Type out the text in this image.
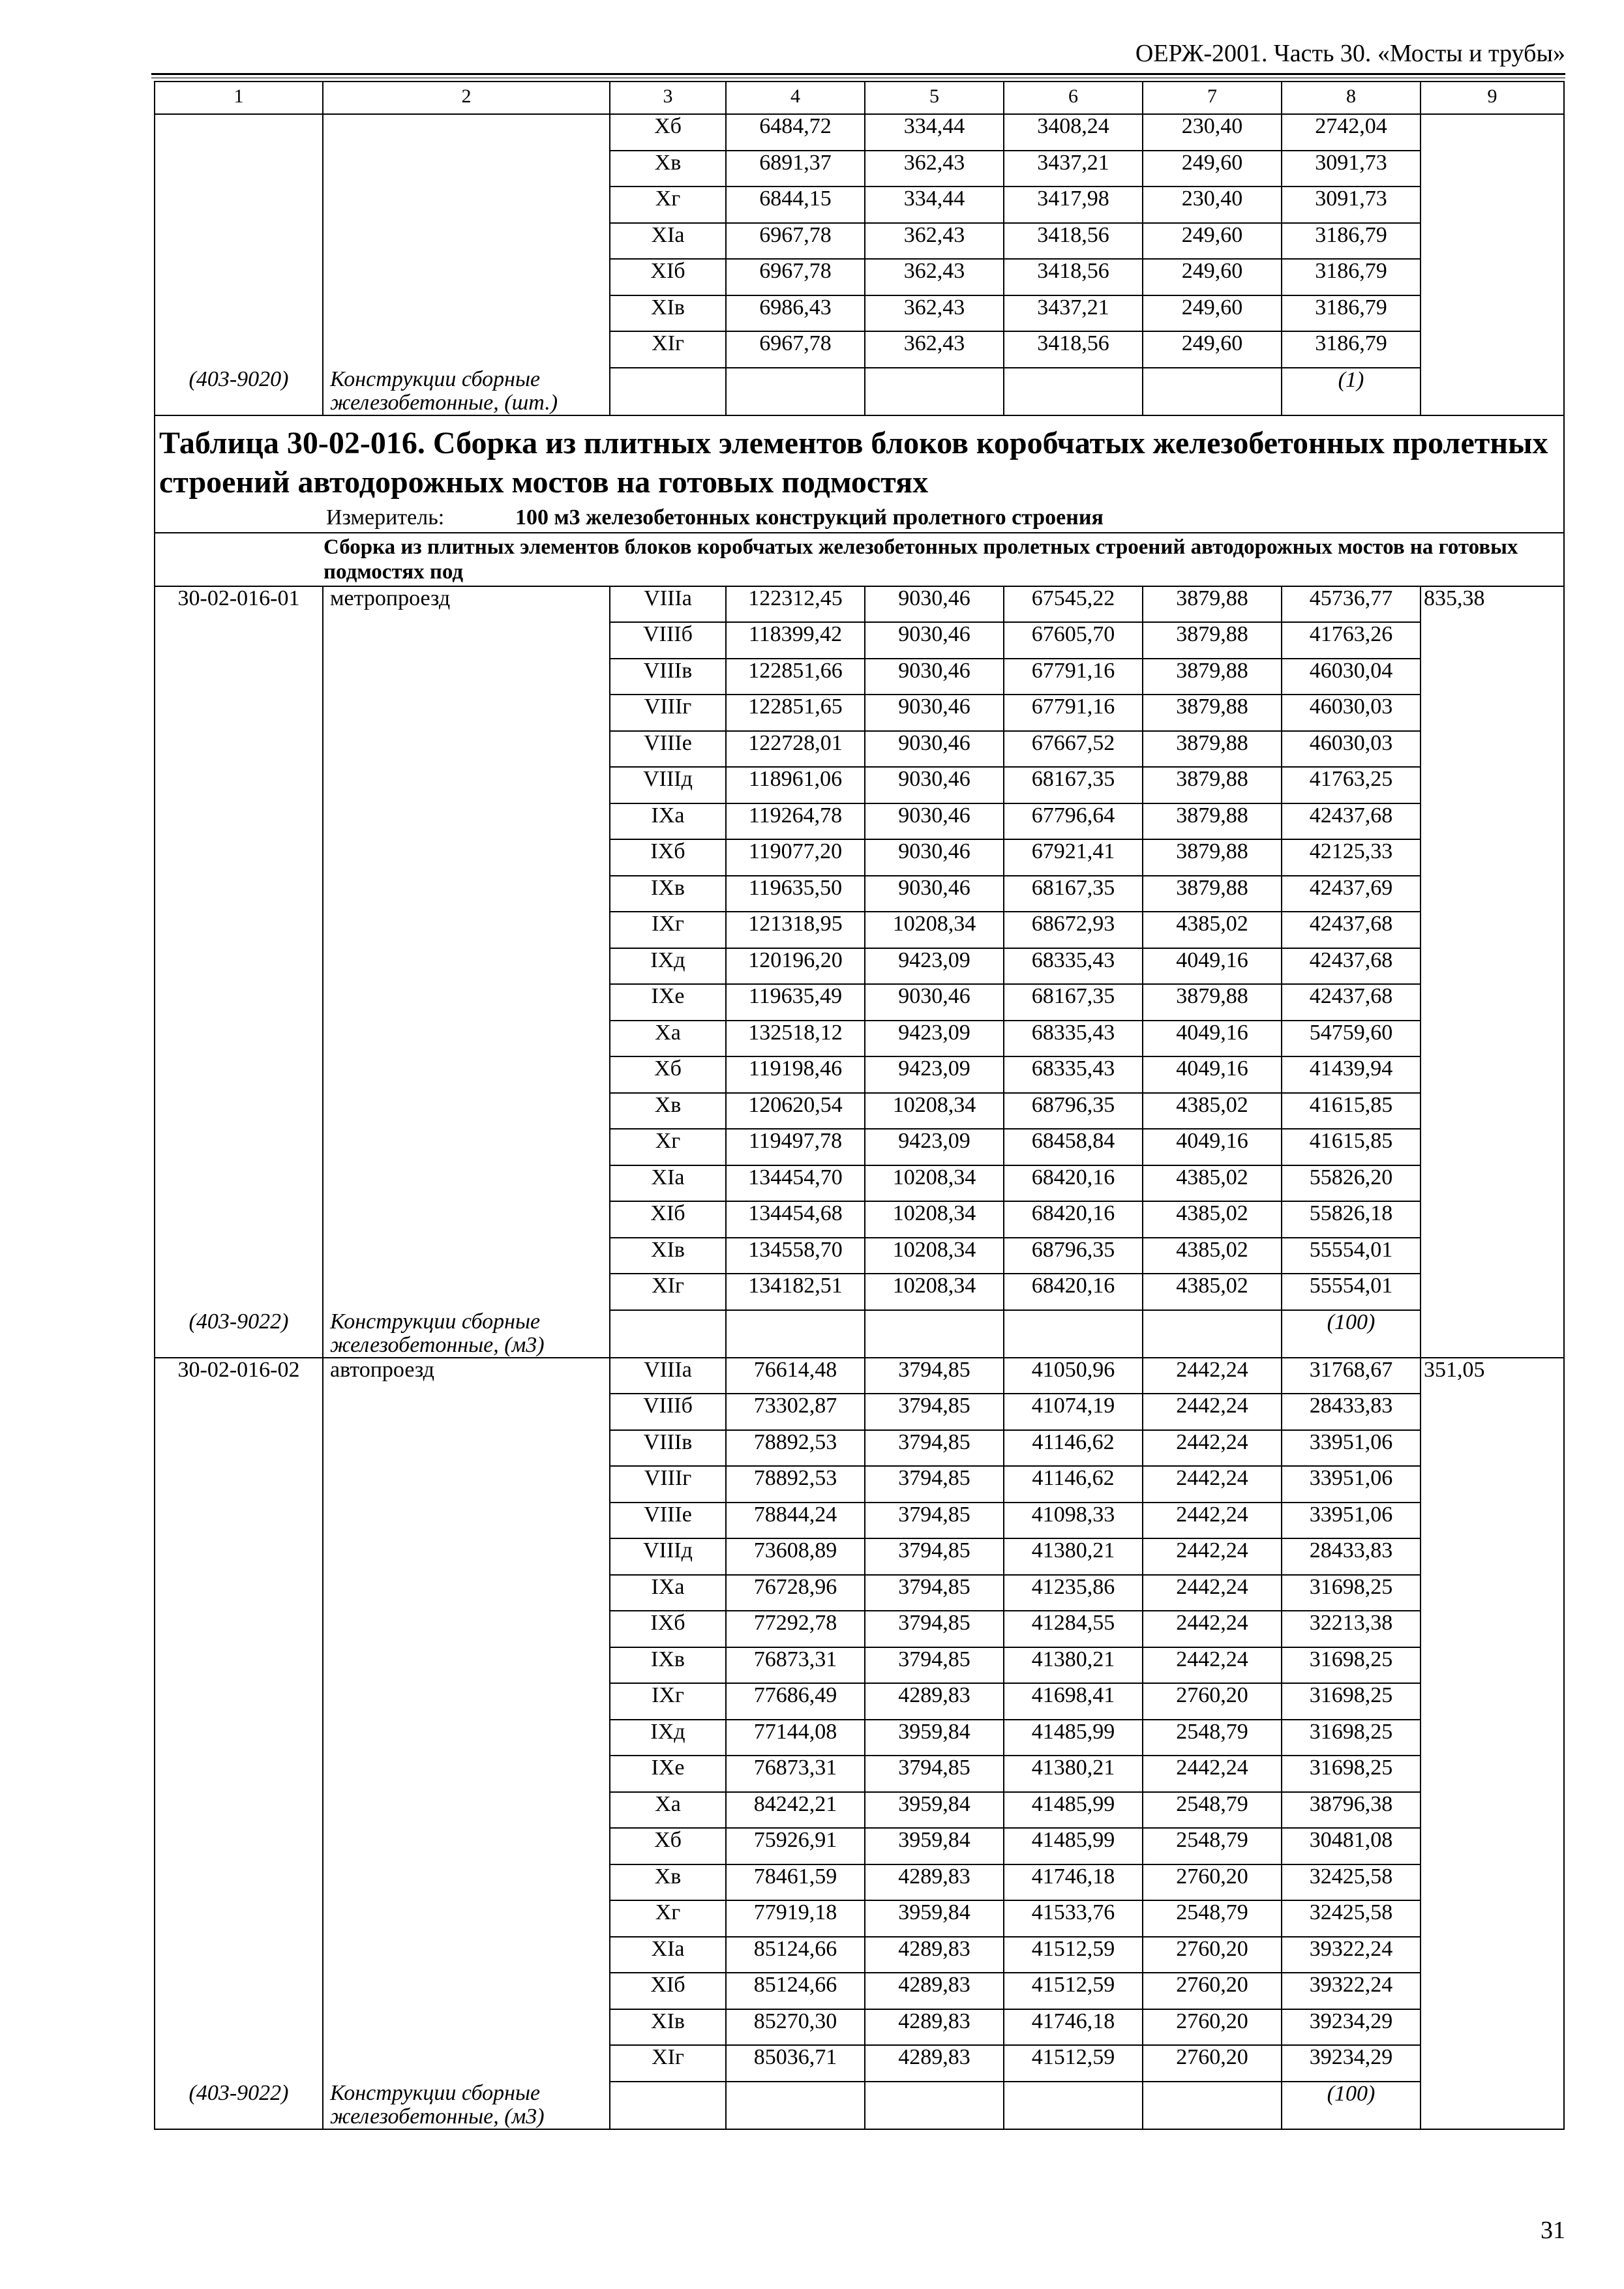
ОЕРЖ-2001. Часть 30. «Мосты и трубы»
1	2	3	4	5	6	7	8	9
		Xб	6484,72	334,44	3408,24	230,40	2742,04	
		Xв	6891,37	362,43	3437,21	249,60	3091,73	
		Xг	6844,15	334,44	3417,98	230,40	3091,73	
		XIа	6967,78	362,43	3418,56	249,60	3186,79	
		XIб	6967,78	362,43	3418,56	249,60	3186,79	
		XIв	6986,43	362,43	3437,21	249,60	3186,79	
		XIг	6967,78	362,43	3418,56	249,60	3186,79	
(403-9020)	Конструкции сборные железобетонные, (шт.)						(1)	

Таблица 30-02-016. Сборка из плитных элементов блоков коробчатых железобетонных пролетных строений автодорожных мостов на готовых подмостях
Измеритель: 100 м3 железобетонных конструкций пролетного строения								

Сборка из плитных элементов блоков коробчатых железобетонных пролетных строений автодорожных мостов на готовых подмостях под								

30-02-016-01	метропроезд	VIIIа	122312,45	9030,46	67545,22	3879,88	45736,77	835,38
		VIIIб	118399,42	9030,46	67605,70	3879,88	41763,26	
		VIIIв	122851,66	9030,46	67791,16	3879,88	46030,04	
		VIIIг	122851,65	9030,46	67791,16	3879,88	46030,03	
		VIIIе	122728,01	9030,46	67667,52	3879,88	46030,03	
		VIIIд	118961,06	9030,46	68167,35	3879,88	41763,25	
		IXа	119264,78	9030,46	67796,64	3879,88	42437,68	
		IXб	119077,20	9030,46	67921,41	3879,88	42125,33	
		IXв	119635,50	9030,46	68167,35	3879,88	42437,69	
		IXг	121318,95	10208,34	68672,93	4385,02	42437,68	
		IXд	120196,20	9423,09	68335,43	4049,16	42437,68	
		IXе	119635,49	9030,46	68167,35	3879,88	42437,68	
		Xа	132518,12	9423,09	68335,43	4049,16	54759,60	
		Xб	119198,46	9423,09	68335,43	4049,16	41439,94	
		Xв	120620,54	10208,34	68796,35	4385,02	41615,85	
		Xг	119497,78	9423,09	68458,84	4049,16	41615,85	
		XIа	134454,70	10208,34	68420,16	4385,02	55826,20	
		XIб	134454,68	10208,34	68420,16	4385,02	55826,18	
		XIв	134558,70	10208,34	68796,35	4385,02	55554,01	
		XIг	134182,51	10208,34	68420,16	4385,02	55554,01	
(403-9022)	Конструкции сборные железобетонные, (м3)						(100)	
30-02-016-02	автопроезд	VIIIа	76614,48	3794,85	41050,96	2442,24	31768,67	351,05
		VIIIб	73302,87	3794,85	41074,19	2442,24	28433,83	
		VIIIв	78892,53	3794,85	41146,62	2442,24	33951,06	
		VIIIг	78892,53	3794,85	41146,62	2442,24	33951,06	
		VIIIе	78844,24	3794,85	41098,33	2442,24	33951,06	
		VIIIд	73608,89	3794,85	41380,21	2442,24	28433,83	
		IXа	76728,96	3794,85	41235,86	2442,24	31698,25	
		IXб	77292,78	3794,85	41284,55	2442,24	32213,38	
		IXв	76873,31	3794,85	41380,21	2442,24	31698,25	
		IXг	77686,49	4289,83	41698,41	2760,20	31698,25	
		IXд	77144,08	3959,84	41485,99	2548,79	31698,25	
		IXе	76873,31	3794,85	41380,21	2442,24	31698,25	
		Xа	84242,21	3959,84	41485,99	2548,79	38796,38	
		Xб	75926,91	3959,84	41485,99	2548,79	30481,08	
		Xв	78461,59	4289,83	41746,18	2760,20	32425,58	
		Xг	77919,18	3959,84	41533,76	2548,79	32425,58	
		XIа	85124,66	4289,83	41512,59	2760,20	39322,24	
		XIб	85124,66	4289,83	41512,59	2760,20	39322,24	
		XIв	85270,30	4289,83	41746,18	2760,20	39234,29	
		XIг	85036,71	4289,83	41512,59	2760,20	39234,29	
(403-9022)	Конструкции сборные железобетонные, (м3)						(100)	
31
